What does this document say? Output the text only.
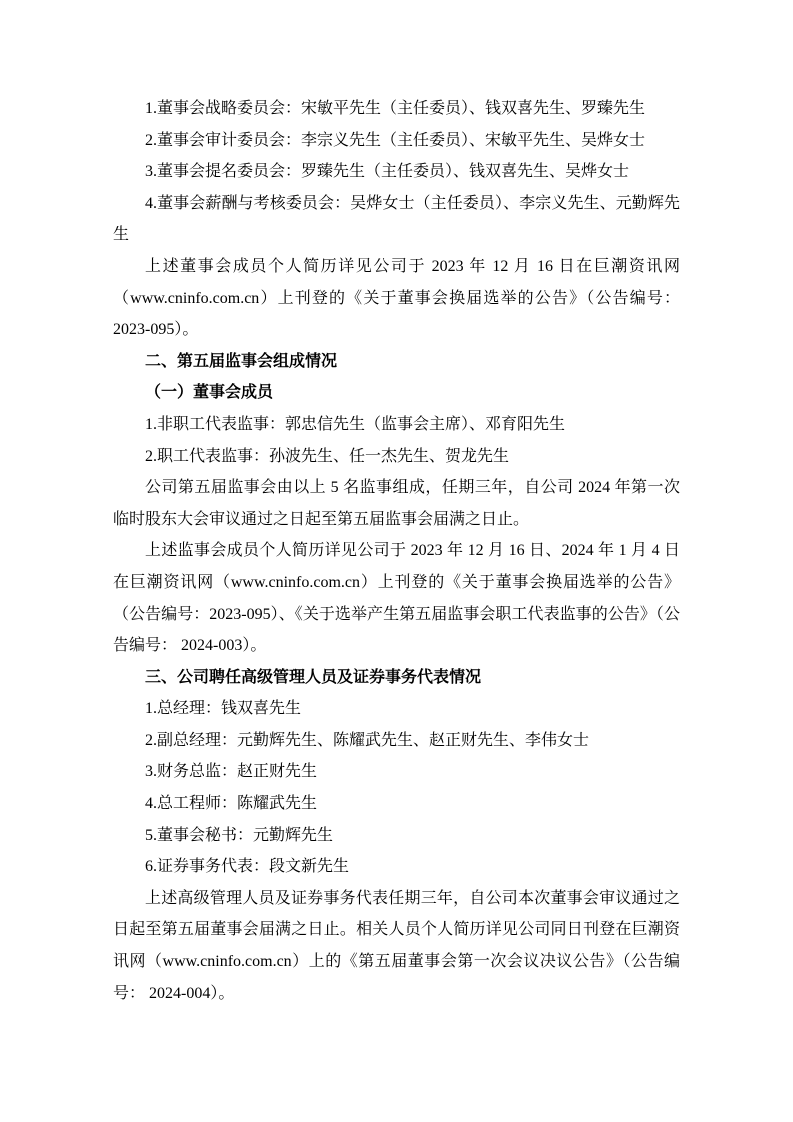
1.董事会战略委员会：宋敏平先生（主任委员）、钱双喜先生、罗臻先生

2.董事会审计委员会：李宗义先生（主任委员）、宋敏平先生、吴烨女士

3.董事会提名委员会：罗臻先生（主任委员）、钱双喜先生、吴烨女士

4.董事会薪酬与考核委员会：吴烨女士（主任委员）、李宗义先生、元勤辉先生

上述董事会成员个人简历详见公司于 2023 年 12 月 16 日在巨潮资讯网（www.cninfo.com.cn）上刊登的《关于董事会换届选举的公告》（公告编号：2023-095）。

二、第五届监事会组成情况

（一）董事会成员

1.非职工代表监事：郭忠信先生（监事会主席）、邓育阳先生

2.职工代表监事：孙波先生、任一杰先生、贺龙先生

公司第五届监事会由以上 5 名监事组成，任期三年，自公司 2024 年第一次临时股东大会审议通过之日起至第五届监事会届满之日止。

上述监事会成员个人简历详见公司于 2023 年 12 月 16 日、2024 年 1 月 4 日在巨潮资讯网（www.cninfo.com.cn）上刊登的《关于董事会换届选举的公告》（公告编号：2023-095）、《关于选举产生第五届监事会职工代表监事的公告》（公告编号： 2024-003）。

三、公司聘任高级管理人员及证券事务代表情况

1.总经理：钱双喜先生

2.副总经理：元勤辉先生、陈耀武先生、赵正财先生、李伟女士

3.财务总监：赵正财先生

4.总工程师：陈耀武先生

5.董事会秘书：元勤辉先生

6.证券事务代表：段文新先生

上述高级管理人员及证券事务代表任期三年，自公司本次董事会审议通过之日起至第五届董事会届满之日止。相关人员个人简历详见公司同日刊登在巨潮资讯网（www.cninfo.com.cn）上的《第五届董事会第一次会议决议公告》（公告编号： 2024-004）。
